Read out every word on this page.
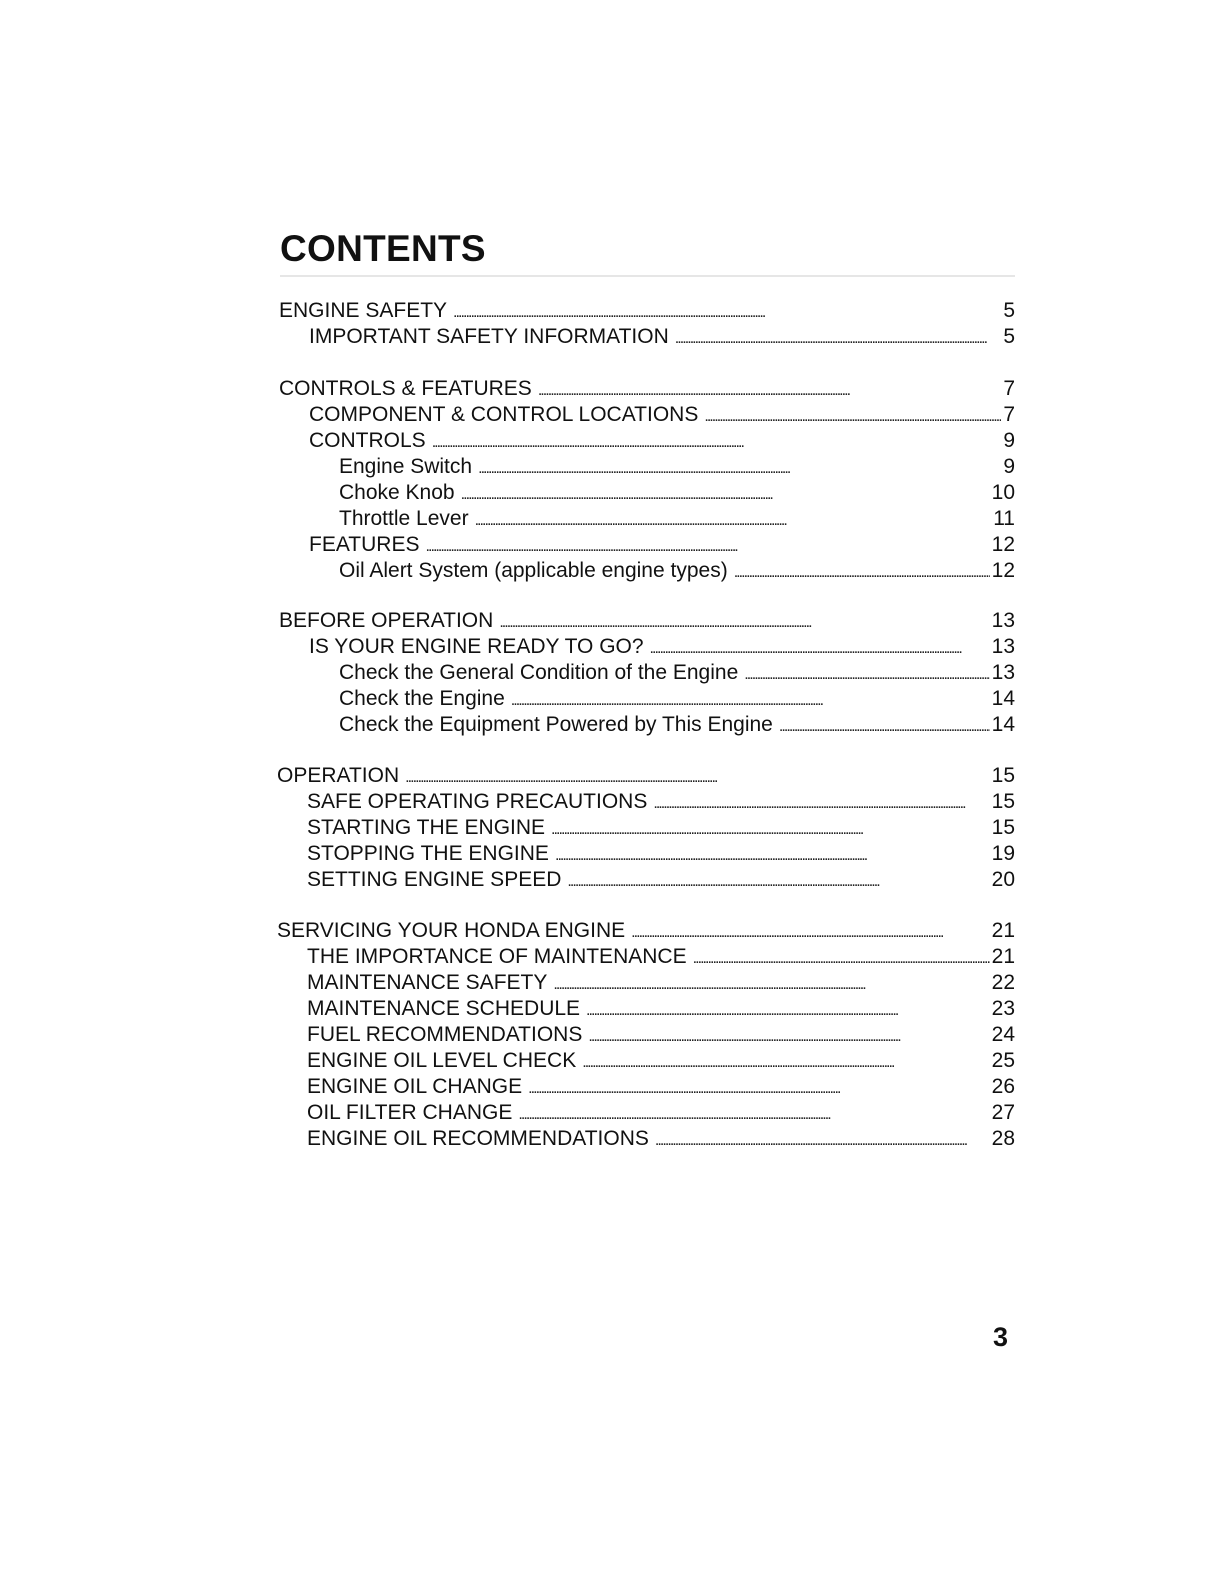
CONTENTS
ENGINE SAFETY . . .	5
IMPORTANT SAFETY INFORMATION . . .	5
CONTROLS & FEATURES . . .	7
COMPONENT & CONTROL LOCATIONS . . .	7
CONTROLS . . .	9
Engine Switch . . .	9
Choke Knob . . .	10
Throttle Lever . . .	11
FEATURES . . .	12
Oil Alert System (applicable engine types) . . .	12
BEFORE OPERATION . . .	13
IS YOUR ENGINE READY TO GO? . . .	13
Check the General Condition of the Engine . . .	13
Check the Engine . . .	14
Check the Equipment Powered by This Engine . . .	14
OPERATION . . .	15
SAFE OPERATING PRECAUTIONS . . .	15
STARTING THE ENGINE . . .	15
STOPPING THE ENGINE . . .	19
SETTING ENGINE SPEED . . .	20
SERVICING YOUR HONDA ENGINE . . .	21
THE IMPORTANCE OF MAINTENANCE . . .	21
MAINTENANCE SAFETY . . .	22
MAINTENANCE SCHEDULE . . .	23
FUEL RECOMMENDATIONS . . .	24
ENGINE OIL LEVEL CHECK . . .	25
ENGINE OIL CHANGE . . .	26
OIL FILTER CHANGE . . .	27
ENGINE OIL RECOMMENDATIONS . . .	28
3
